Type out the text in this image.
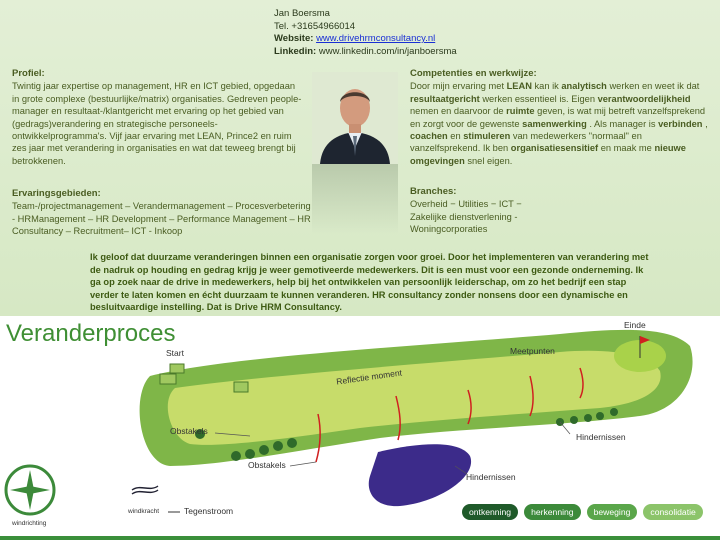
Jan Boersma
Tel. +31654966014
Website: www.drivehrmconsultancy.nl
Linkedin: www.linkedin.com/in/janboersma
Profiel:

Twintig jaar expertise op management, HR en ICT gebied, opgedaan in grote complexe (bestuurlijke/matrix) organisaties. Gedreven people-manager en resultaat-/klantgericht met ervaring op het gebied van (gedrags)verandering en strategische personeels-ontwikkelprogramma's. Vijf jaar ervaring met LEAN, Prince2 en ruim zes jaar met verandering in organisaties en wat dat teweeg brengt bij betrokkenen.

Ervaringsgebieden:

Team-/projectmanagement – Verandermanagement – Procesverbetering - HRManagement – HR Development – Performance Management – HR Consultancy – Recruitment– ICT - Inkoop

Competenties en werkwijze:

Door mijn ervaring met LEAN kan ik analytisch werken en weet ik dat resultaatgericht werken essentieel is. Eigen verantwoordelijkheid nemen en daarvoor de ruimte geven, is wat mij betreft vanzelfsprekend en zorgt voor de gewenste samenwerking . Als manager is verbinden , coachen en stimuleren van medewerkers "normaal" en vanzelfsprekend. Ik ben organisatiesensitief en maak me nieuwe omgevingen snel eigen.

Branches:

Overheid − Utilities − ICT −

Zakelijke dienstverlening -

Woningcorporaties

Ik geloof dat duurzame veranderingen binnen een organisatie zorgen voor groei. Door het implementeren van verandering met de nadruk op houding en gedrag krijg je weer gemotiveerde medewerkers. Dit is een must voor een gezonde onderneming. Ik ga op zoek naar de drive in medewerkers, help bij het ontwikkelen van persoonlijk leiderschap, om zo het bedrijf een stap verder te laten komen en écht duurzaam te kunnen veranderen. HR consultancy zonder nonsens door een dynamische en besluitvaardige instelling. Dat is Drive HRM Consultancy.
Veranderproces
Start
Reflectie moment
Meetpunten
Einde
Obstakels
Obstakels
Hindernissen
Hindernissen
windrichting
windkracht	Tegenstroom	ontkenning	herkenning	beweging	consolidatie
